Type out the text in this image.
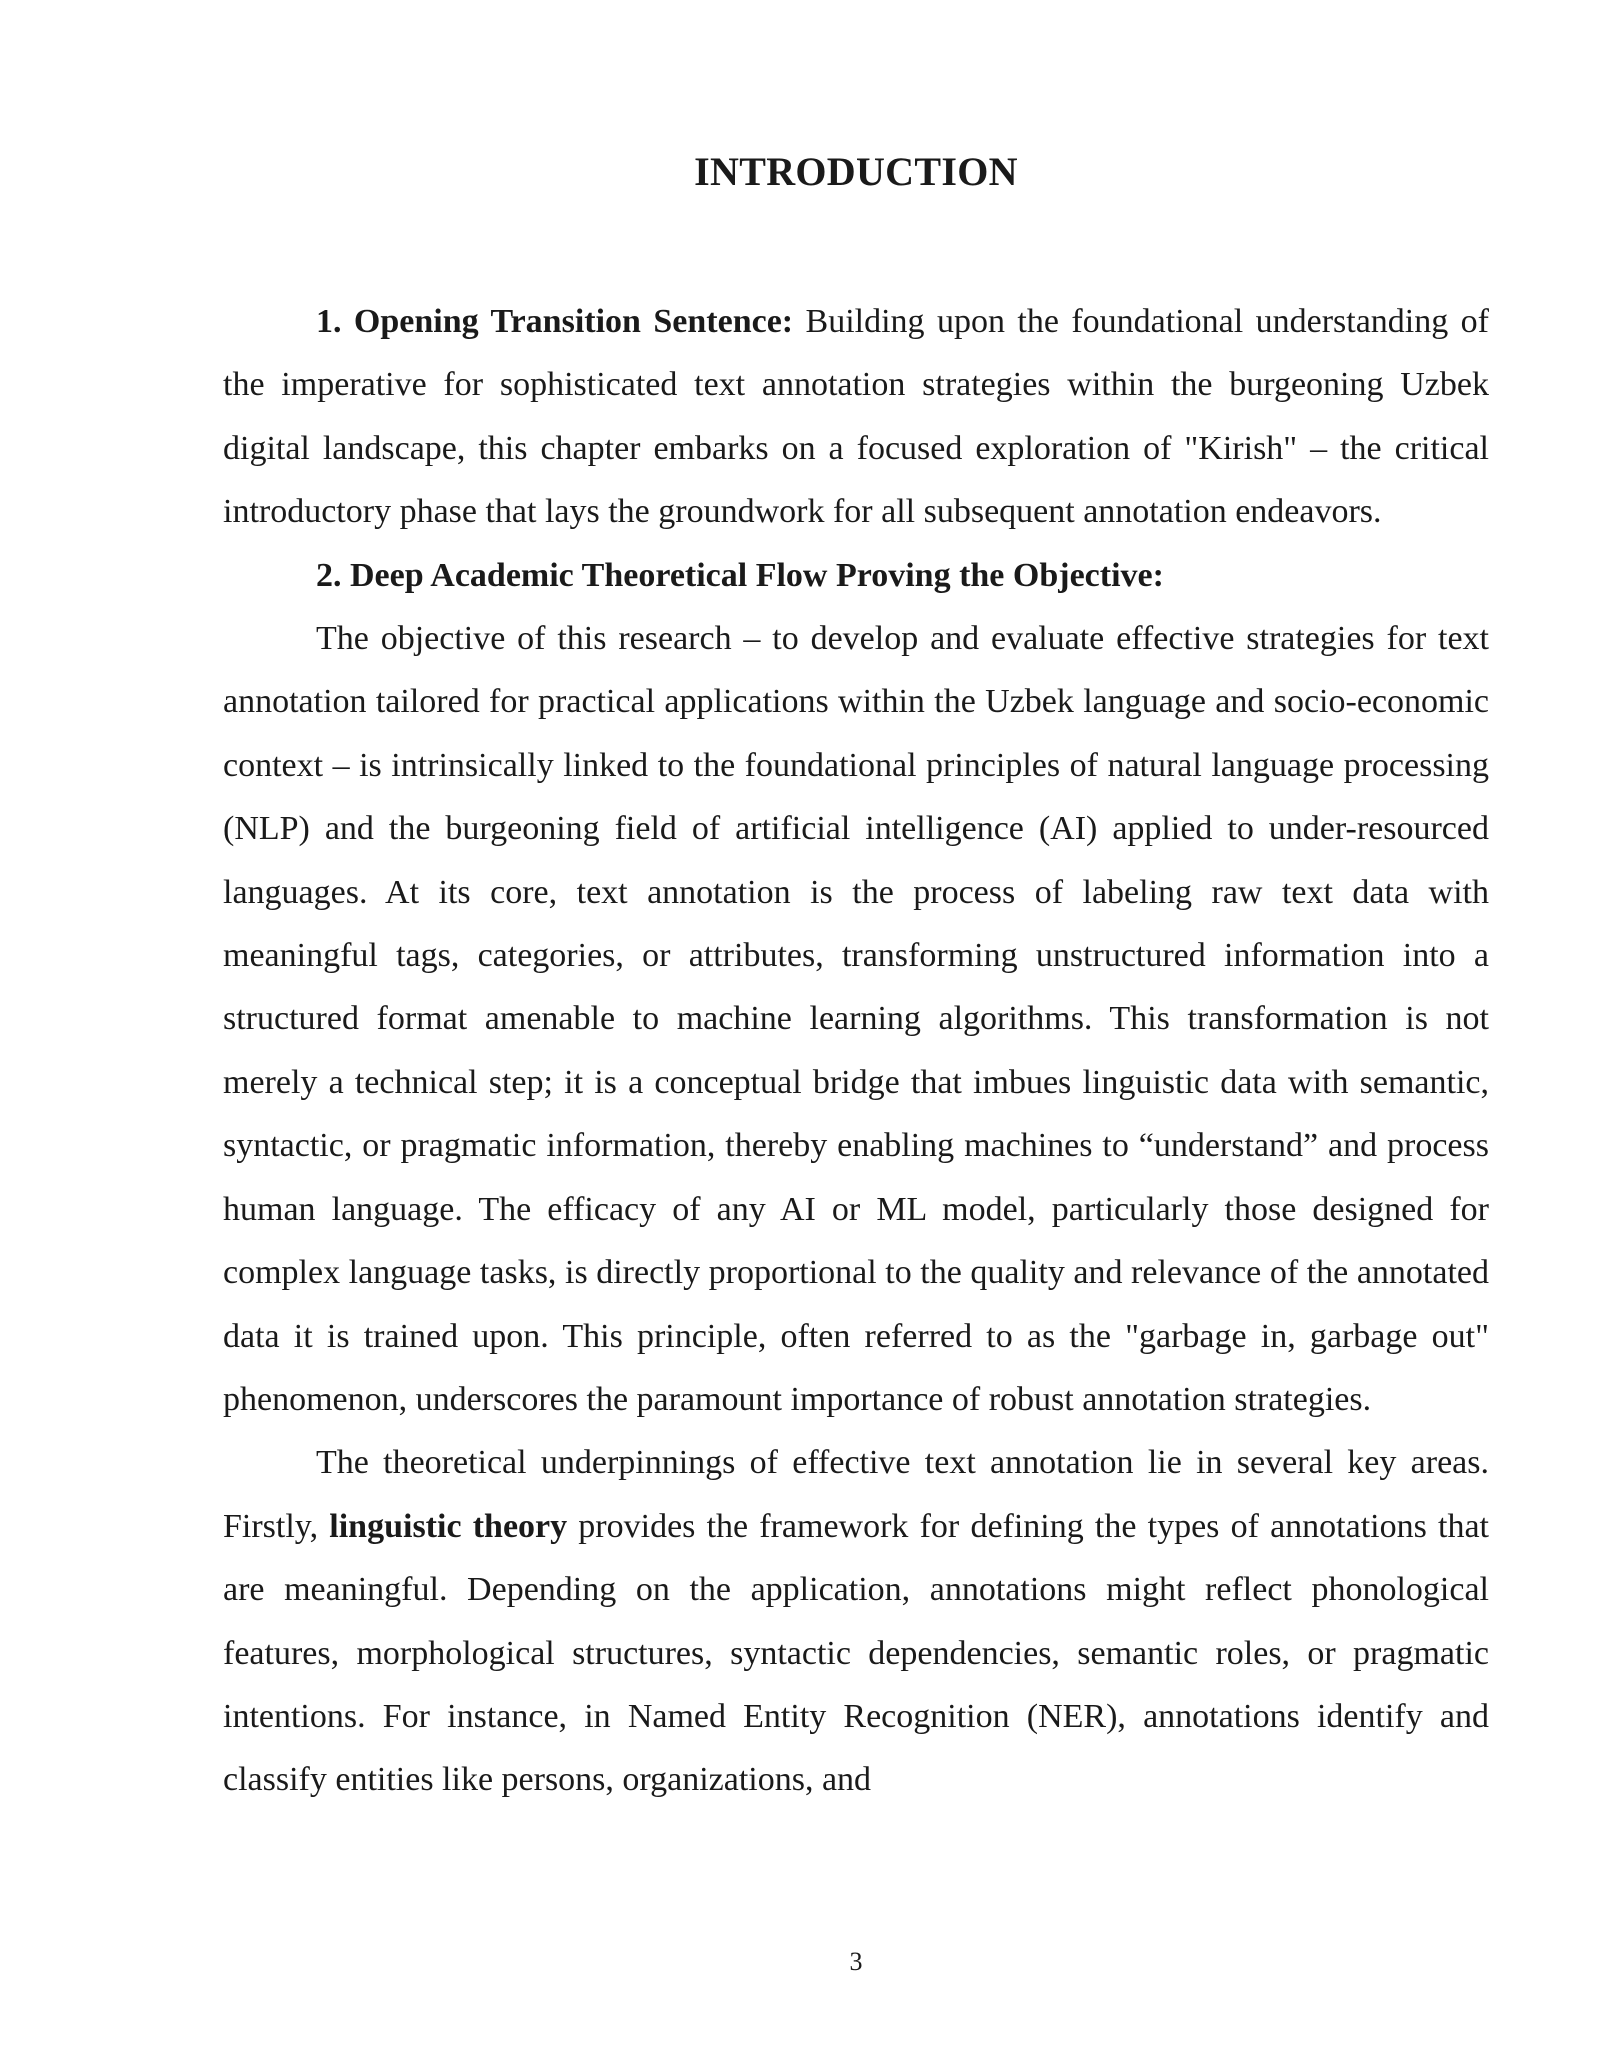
INTRODUCTION

1. Opening Transition Sentence: Building upon the foundational understanding of the imperative for sophisticated text annotation strategies within the burgeoning Uzbek digital landscape, this chapter embarks on a focused exploration of "Kirish" – the critical introductory phase that lays the groundwork for all subsequent annotation endeavors.

2. Deep Academic Theoretical Flow Proving the Objective:

The objective of this research – to develop and evaluate effective strategies for text annotation tailored for practical applications within the Uzbek language and socio-economic context – is intrinsically linked to the foundational principles of natural language processing (NLP) and the burgeoning field of artificial intelligence (AI) applied to under-resourced languages. At its core, text annotation is the process of labeling raw text data with meaningful tags, categories, or attributes, transforming unstructured information into a structured format amenable to machine learning algorithms. This transformation is not merely a technical step; it is a conceptual bridge that imbues linguistic data with semantic, syntactic, or pragmatic information, thereby enabling machines to “understand” and process human language. The efficacy of any AI or ML model, particularly those designed for complex language tasks, is directly proportional to the quality and relevance of the annotated data it is trained upon. This principle, often referred to as the "garbage in, garbage out" phenomenon, underscores the paramount importance of robust annotation strategies.

The theoretical underpinnings of effective text annotation lie in several key areas. Firstly, linguistic theory provides the framework for defining the types of annotations that are meaningful. Depending on the application, annotations might reflect phonological features, morphological structures, syntactic dependencies, semantic roles, or pragmatic intentions. For instance, in Named Entity Recognition (NER), annotations identify and classify entities like persons, organizations, and

3
